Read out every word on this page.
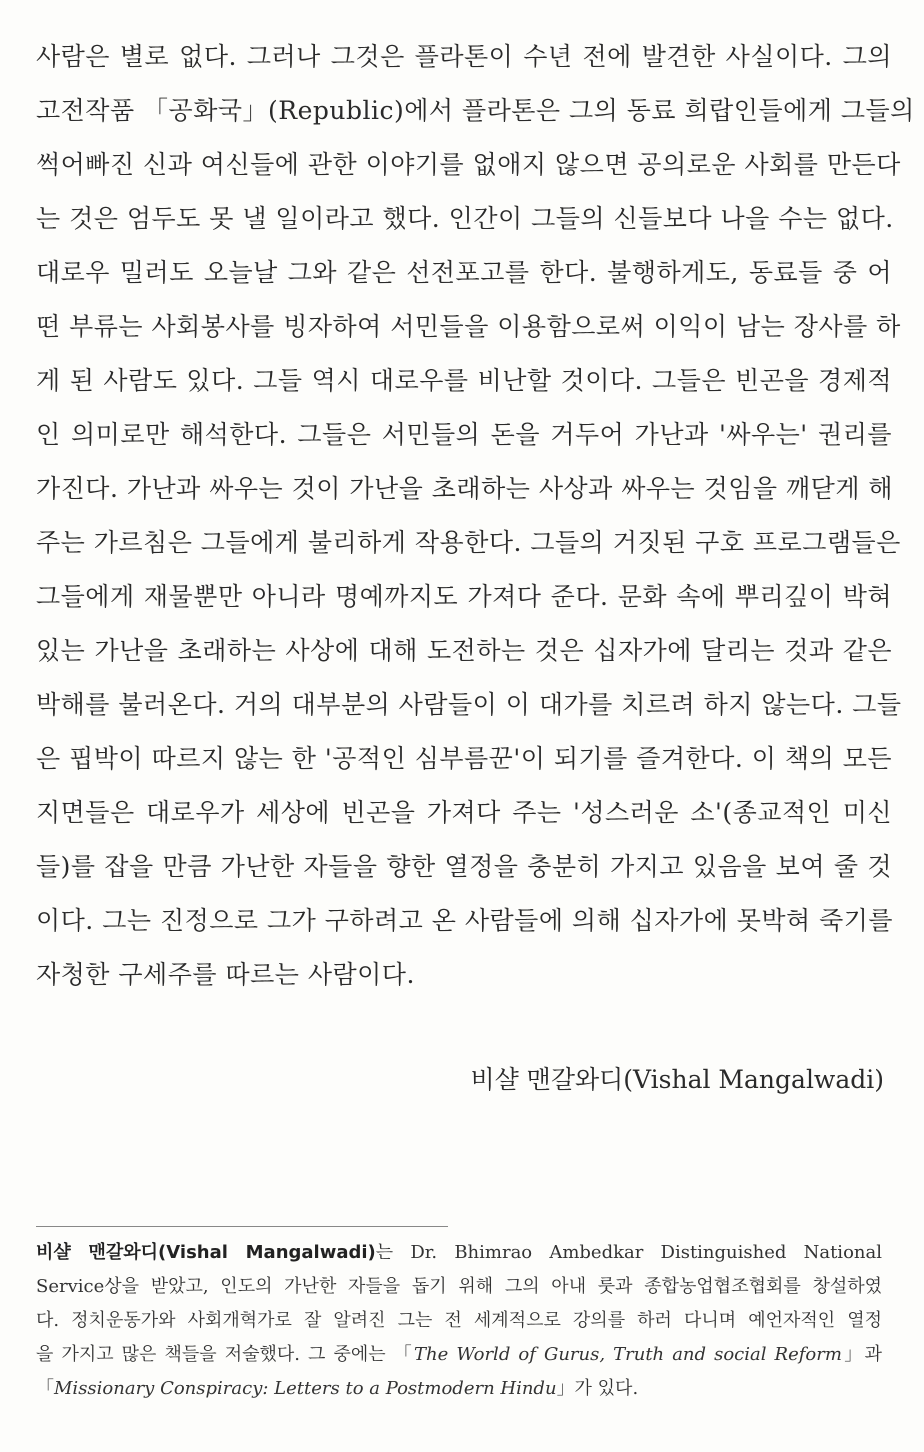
사람은 별로 없다. 그러나 그것은 플라톤이 수년 전에 발견한 사실이다. 그의
고전작품 「공화국」(Republic)에서 플라톤은 그의 동료 희랍인들에게 그들의
썩어빠진 신과 여신들에 관한 이야기를 없애지 않으면 공의로운 사회를 만든다
는 것은 엄두도 못 낼 일이라고 했다. 인간이 그들의 신들보다 나을 수는 없다.
대로우 밀러도 오늘날 그와 같은 선전포고를 한다. 불행하게도, 동료들 중 어
떤 부류는 사회봉사를 빙자하여 서민들을 이용함으로써 이익이 남는 장사를 하
게 된 사람도 있다. 그들 역시 대로우를 비난할 것이다. 그들은 빈곤을 경제적
인 의미로만 해석한다. 그들은 서민들의 돈을 거두어 가난과 '싸우는' 권리를
가진다. 가난과 싸우는 것이 가난을 초래하는 사상과 싸우는 것임을 깨닫게 해
주는 가르침은 그들에게 불리하게 작용한다. 그들의 거짓된 구호 프로그램들은
그들에게 재물뿐만 아니라 명예까지도 가져다 준다. 문화 속에 뿌리깊이 박혀
있는 가난을 초래하는 사상에 대해 도전하는 것은 십자가에 달리는 것과 같은
박해를 불러온다. 거의 대부분의 사람들이 이 대가를 치르려 하지 않는다. 그들
은 핍박이 따르지 않는 한 '공적인 심부름꾼'이 되기를 즐겨한다. 이 책의 모든
지면들은 대로우가 세상에 빈곤을 가져다 주는 '성스러운 소'(종교적인 미신
들)를 잡을 만큼 가난한 자들을 향한 열정을 충분히 가지고 있음을 보여 줄 것
이다. 그는 진정으로 그가 구하려고 온 사람들에 의해 십자가에 못박혀 죽기를
자청한 구세주를 따르는 사람이다.
비샬 맨갈와디(Vishal Mangalwadi)
비샬 맨갈와디(Vishal Mangalwadi)는 Dr. Bhimrao Ambedkar Distinguished National
Service상을 받았고, 인도의 가난한 자들을 돕기 위해 그의 아내 룻과 종합농업협조협회를 창설하였
다. 정치운동가와 사회개혁가로 잘 알려진 그는 전 세계적으로 강의를 하러 다니며 예언자적인 열정
을 가지고 많은 책들을 저술했다. 그 중에는 「The World of Gurus, Truth and social Reform」과
「Missionary Conspiracy: Letters to a Postmodern Hindu」가 있다.
